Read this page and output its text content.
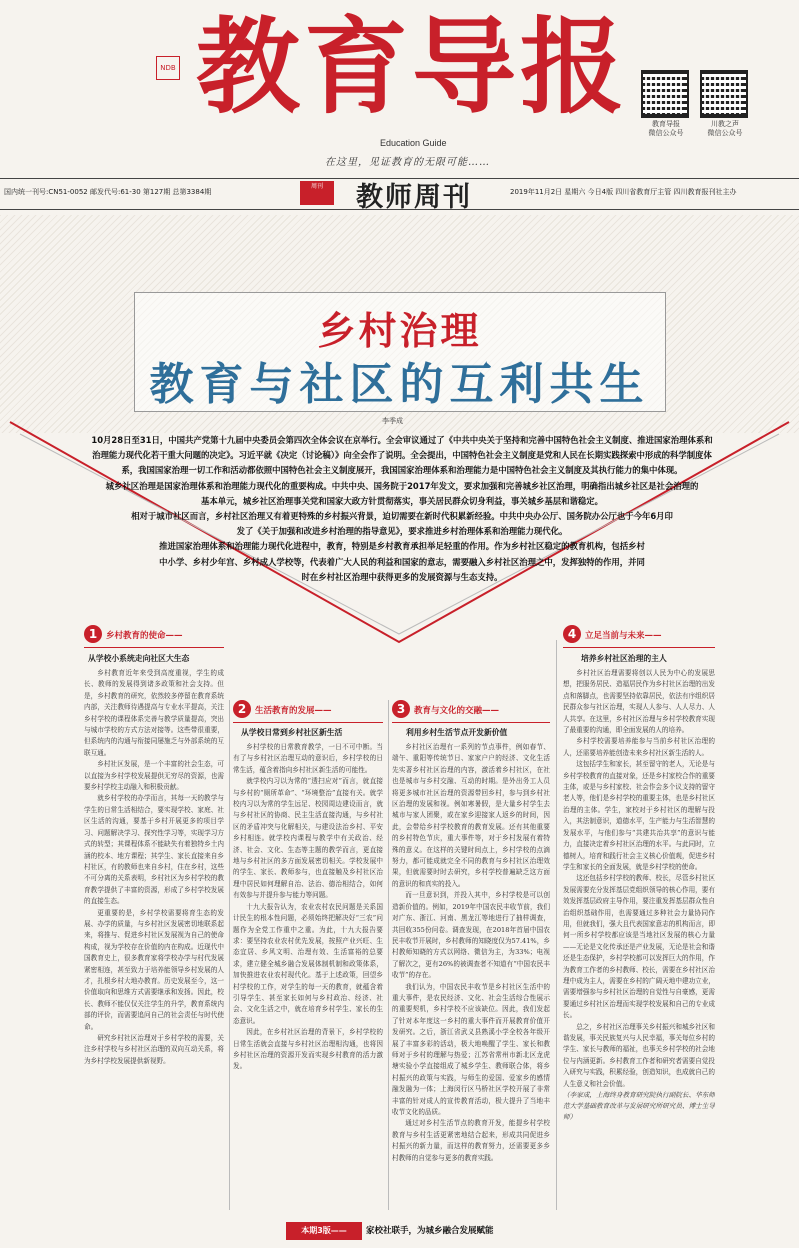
NDB 教育导报
Education Guide
在这里，见证教育的无限可能……
教育导报
微信公众号
川教之声
微信公众号
国内统一刊号:CN51-0052 邮发代号:61-30 第127期 总第3384期
周刊	教师周刊	2019年11月2日 星期六 今日4版 四川省教育厅主管 四川教育报刊社主办
乡村治理
教育与社区的互利共生
李季成

10月28日至31日，中国共产党第十九届中央委员会第四次全体会议在京举行。全会审议通过了《中共中央关于坚持和完善中国特色社会主义制度、推进国家治理体系和治理能力现代化若干重大问题的决定》。习近平就《决定（讨论稿）》向全会作了说明。全会提出，中国特色社会主义制度是党和人民在长期实践探索中形成的科学制度体系，我国国家治理一切工作和活动都依照中国特色社会主义制度展开，我国国家治理体系和治理能力是中国特色社会主义制度及其执行能力的集中体现。

城乡社区治理是国家治理体系和治理能力现代化的重要构成。中共中央、国务院于2017年发文，要求加强和完善城乡社区治理，明确指出城乡社区是社会治理的基本单元，城乡社区治理事关党和国家大政方针贯彻落实，事关居民群众切身利益，事关城乡基层和谐稳定。

相对于城市社区而言，乡村社区治理又有着更特殊的乡村振兴背景，迫切需要在新时代积累新经验。中共中央办公厅、国务院办公厅也于今年6月印发了《关于加强和改进乡村治理的指导意见》，要求推进乡村治理体系和治理能力现代化。

推进国家治理体系和治理能力现代化进程中，教育，特别是乡村教育承担举足轻重的作用。作为乡村社区稳定的教育机构，包括乡村中小学、乡村少年宫、乡村成人学校等，代表着广大人民的利益和国家的意志，需要融入乡村社区治理之中，发挥独特的作用，并同时在乡村社区治理中获得更多的发展资源与生态支持。

1	乡村教育的使命——
从学校小系统走向社区大生态

乡村教育近年来受到高度重视，学生的成长、教师的发展得到诸多政策和社会支持。但是，乡村教育的研究，依然较多停留在教育系统内部，关注教师待遇提高与专业水平提高，关注乡村学校的课程体系完善与教学质量提高，突出与城市学校的方式方法对接等。这些带很重要，但系统内的沟通与衔接同屡施乏与外部系统的互联互通。

乡村社区发展，是一个丰富的社会生态，可以直接为乡村学校发展提供无穷尽的资源，也需要乡村学校主动融入和积极贡献。

就乡村学校的办学而言，其每一天的教学与学生的日常生活相结合，要实现学校、家庭、社区生活的沟通，要基于乡村开展更多的项目学习、问题解决学习、探究性学习等，实现学习方式的转型；其课程体系不能缺失有着独特乡土内涵的校本、地方课程；其学生、家长直接来自乡村社区，有的教师也来自乡村，住在乡村，这些不可分离的关系表明，乡村社区为乡村学校的教育教学提供了丰富的资源，形成了乡村学校发展的直接生态。

更重要的是，乡村学校需要将育生态的发展、办学的质量，与乡村社区发展密切地联系起来，将推与、促进乡村社区发展视为自己的使命构成，视为学校存在价值的内在构成。近现代中国教育史上，很多教育家将学校办学与村代发展紧密相连，甚至致力于培养能领导乡村发展的人才，扎根乡村大地办教育。历史发展至今，这一价值取向和思维方式需要继承和发扬。因此，校长、教师不能仅仅关注学生的升学，教育系统内部的评价，而需要追问自己的社会责任与时代使命。

研究乡村社区治理对于乡村学校的需要，关注乡村学校与乡村社区治理的双向互动关系，将为乡村学校发展提供新视野。

2	生活教育的发展——
从学校日常到乡村社区新生活

乡村学校的日常教育教学，一日不可中断。当有了与乡村社区治理互动的意识后，乡村学校的日常生活，蕴含着指向乡村社区新生活的可能性。

就学校内习以为常的“透扫应对”而言，就直接与乡村的“厕所革命”、“环境整治”直接有关。就学校内习以为常的学生远足、校园周边建设而言，就与乡村社区的协商、民主生活直接沟通，与乡村社区的矛盾冲突与化解相关，与建设法治乡村、平安乡村相连。就学校内课程与教学中有关政治、经济、社会、文化、生态等主题的教学而言，更直接地与乡村社区的多方面发展密切相关。学校发展中的学生、家长、教师参与，也直接触及乡村社区治理中居民如何理解自治、法治、德治相结合，如何有效参与并提升参与能力等问题。

十九大报告认为，农业农村农民问题是关系国计民生的根本性问题，必须始终把解决好“三农”问题作为全党工作重中之重。为此，十九大报告要求：要坚持农业农村优先发展，按照产业兴旺、生态宜居、乡风文明、治理有效、生活富裕的总要求，建立健全城乡融合发展体制机制和政策体系，加快推进农业农村现代化。基于上述政策，回望乡村学校的工作，对学生的每一天的教育，就蕴含着引导学生、甚至家长如何与乡村政治、经济、社会、文化生活之中，就在培育乡村学生、家长的生态意识。

因此，在乡村社区治理的背景下，乡村学校的日常生活就会直接与乡村社区治理相沟通，也将因乡村社区治理的资源开发而实现乡村教育的活力激发。

3	教育与文化的交融——
利用乡村生活节点开发新价值

乡村社区治理有一系列的节点事件，例如春节、端午、重阳等传统节日、家家户户的经济、文化生活先实著乡村社区治理的内容，激活着乡村社区，在社也是城市与乡村交融、互动的时期。是外出务工人员将更多城市社区治理的资源带回乡村，参与到乡村社区治理的发展和视。例如寒暑假，是大量乡村学生去城市与家人团聚，或在家乡迎接家人返乡的时间，因此，会带给乡村学校教育的教育发展。还有其他重要的乡村特色节庆，重大事件等，对于乡村发展有着特殊的意义。在这样的关键时间点上，乡村学校的点滴努力，都可能成就完全不同的教育与乡村社区治理效果，但就需要时时去研究，乡村学校普遍缺乏这方面的意识的和真实的投入。

而一旦意识到，并投入其中，乡村学校是可以创造新价值的。例如，2019年中国农民丰收节前，我们对广东、浙江、河南、黑龙江等地进行了抽样调查，共回收355份问卷。调查发现，在2018年首届中国农民丰收节开展时，乡村教师的知晓度仅为57.41%，乡村教师知晓的方式以网络、微信为主，为33%；电视了解次之，更有26%的被调查者不知道有“中国农民丰收节”的存在。

我们认为，中国农民丰收节是乡村社区生活中的重大事件，是农民经济、文化、社会生活综合性展示的重要契机，乡村学校不应该缺位。因此，我们发起了针对本年度这一乡村的重大事件而开展教育价值开发研究。之后，浙江省武义县熟溪小学全校各年级开展了丰富多彩的活动，极大地唤醒了学生、家长和教师对于乡村的理解与热爱；江苏省常州市新北区龙虎塘实验小学直接组成了城乡学生、教师联合体，将乡村振兴的政策与实践，与师生的爱国、爱家乡的感情融发融为一体；上海闵行区马桥社区学校开展了非常丰富的针对成人的宣传教育活动，极大提升了当地丰收节文化的品质。

通过对乡村生活节点的教育开发，能提乡村学校教育与乡村生活更紧密地结合起来，形成共同促进乡村振兴的新力量，而这样的教育努力，还需要更多乡村教师的自觉参与更多的教育实践。

4	立足当前与未来——
培养乡村社区治理的主人

乡村社区治理需要将创以人民为中心的发展思想，把服务居民、造福居民作为乡村社区治理的出发点和落脚点，也需要坚持依靠居民，依法有序组织居民群众参与社区治理，实现人人参与、人人尽力、人人共享。在这里，乡村社区治理与乡村学校教育实现了最重要的沟通，即全面发展的人的培养。

乡村学校需要培养能参与当前乡村社区治理的人，还需要培养能创造未来乡村社区新生活的人。

这包括学生和家长，甚至留守的老人，无论是与乡村学校教育的直接对象，还是乡村家校合作的重要主体，或是与乡村家校、社会作会多个议支持的留守老人等，他们是乡村学校的重要主体，也是乡村社区治理的主体。学生，家校对于乡村社区的理解与投入，其法制意识，道德水平，生产能力与生活智慧的发展水平，与他们参与“共建共治共享”的意识与能力，直接决定着乡村社区治理的水平。与此同时，立德树人，培育和践行社会主义核心价值观，促进乡村学生和家长的全面发展，就是乡村学校的使命。

这还包括乡村学校的教师、校长，尽管乡村社区发展需要充分发挥基层党组织领导的核心作用，要有效发挥基层政府主导作用，要注重发挥基层群众性自治组织基础作用，也需要通过多种社会力量协同作用，但就我们，强大且代表国家意志的机构而言，即何一所乡村学校都应该是当地社区发展的核心力量——无论是文化传承还是产业发展，无论是社会和谐还是生态保护，乡村学校都可以发挥巨大的作用，作为教育工作者的乡村教师、校长，需要在乡村社区治理中成为主人，需要在乡村的广阔天地中建功立业，需要增强参与乡村社区治理的自觉性与自豪感，更需要通过乡村社区治理而实现学校发展和自己的专业成长。

总之，乡村社区治理事关乡村振兴和城乡社区和谐发展，事关民族复兴与人民幸福，事关每位乡村的学生、家长与教师的福祉，也事关乡村学校的社会地位与内涵更新。乡村教育工作者和研究者需要自觉投入研究与实践，积累经验，创造知识，也成就自己的人生意义和社会价值。

（李家成，上海终身教育研究院执行副院长、华东师范大学基础教育改革与发展研究所研究员、博士生导师）
本期3版——	家校社联手，为城乡融合发展赋能
